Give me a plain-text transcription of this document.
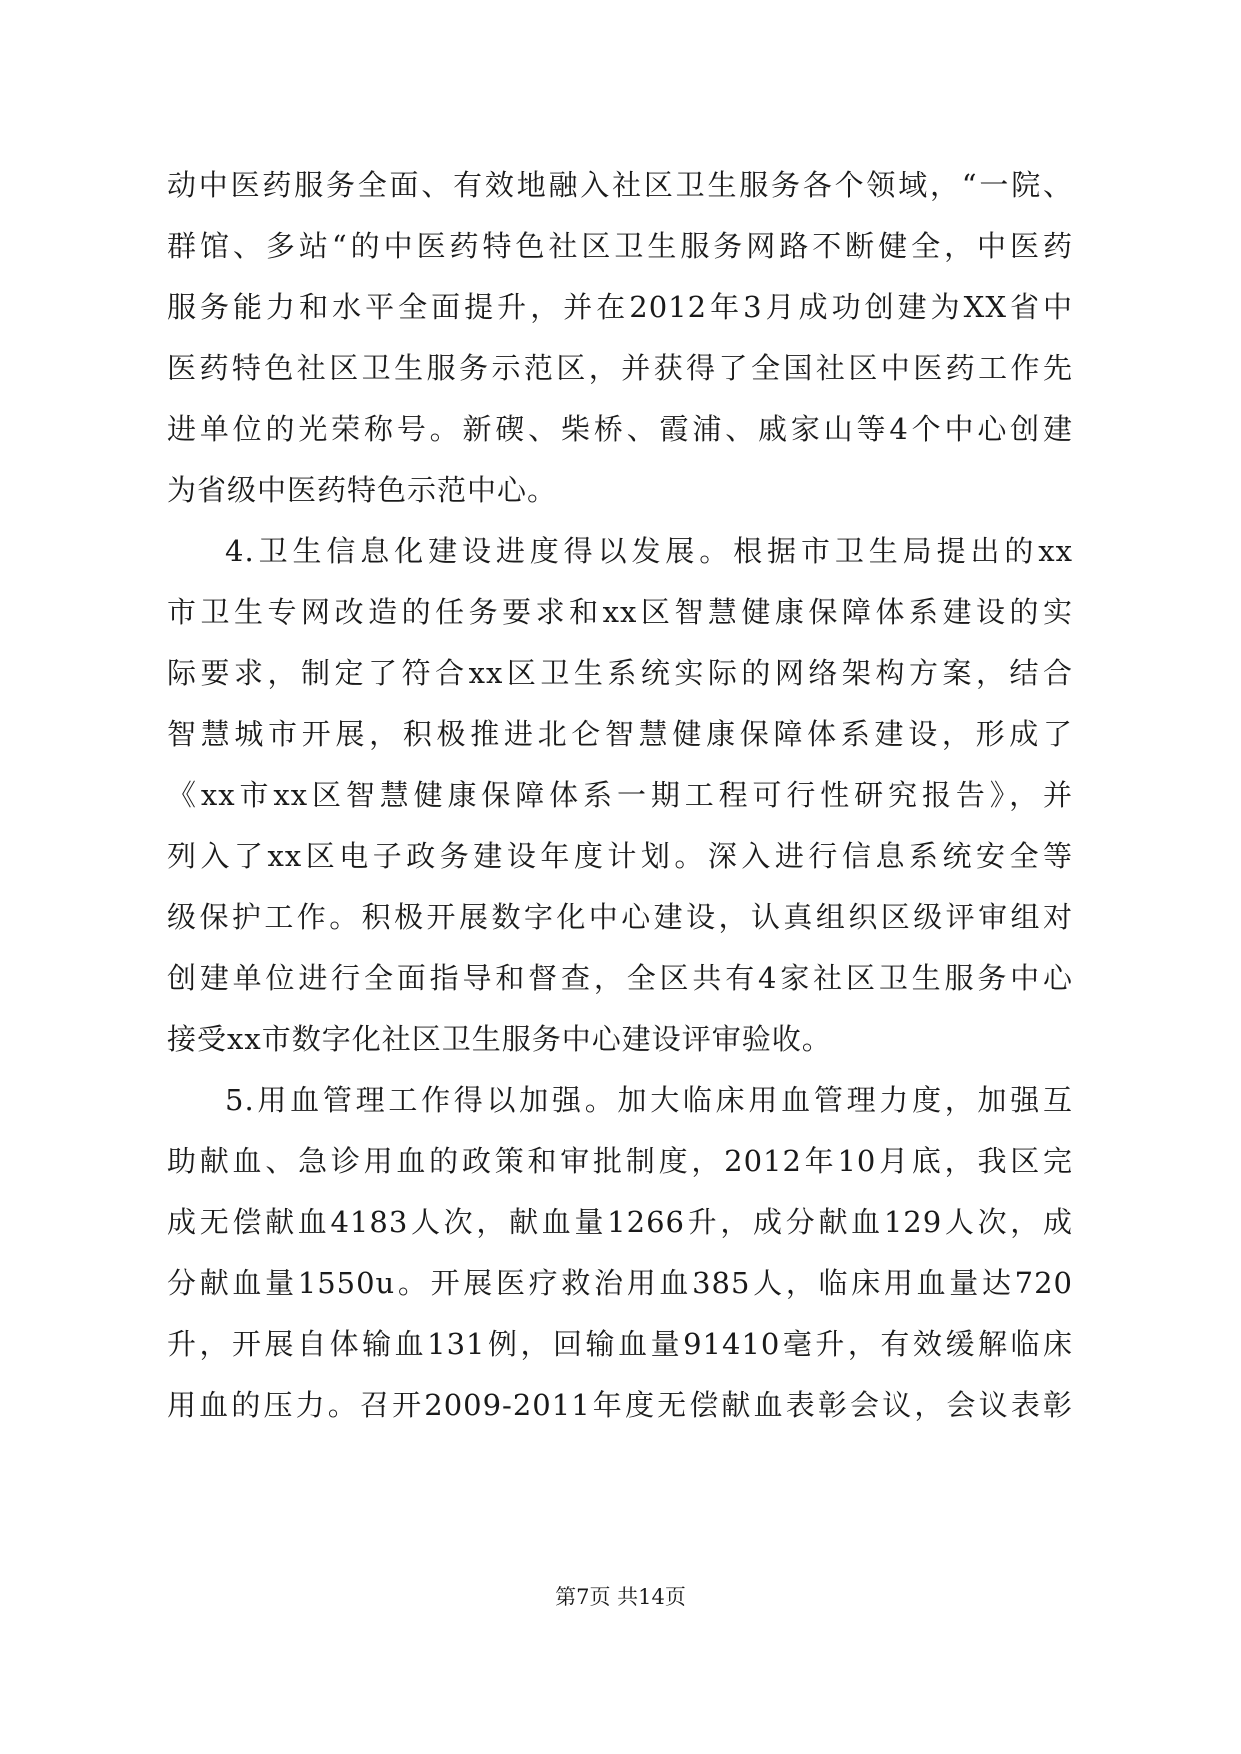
动中医药服务全面、有效地融入社区卫生服务各个领域，“一院、
群馆、多站“的中医药特色社区卫生服务网路不断健全，中医药
服务能力和水平全面提升，并在2012年3月成功创建为XX省中
医药特色社区卫生服务示范区，并获得了全国社区中医药工作先
进单位的光荣称号。新碶、柴桥、霞浦、戚家山等4个中心创建
为省级中医药特色示范中心。
4.卫生信息化建设进度得以发展。根据市卫生局提出的xx
市卫生专网改造的任务要求和xx区智慧健康保障体系建设的实
际要求，制定了符合xx区卫生系统实际的网络架构方案，结合
智慧城市开展，积极推进北仑智慧健康保障体系建设，形成了
《xx市xx区智慧健康保障体系一期工程可行性研究报告》，并
列入了xx区电子政务建设年度计划。深入进行信息系统安全等
级保护工作。积极开展数字化中心建设，认真组织区级评审组对
创建单位进行全面指导和督查，全区共有4家社区卫生服务中心
接受xx市数字化社区卫生服务中心建设评审验收。
5.用血管理工作得以加强。加大临床用血管理力度，加强互
助献血、急诊用血的政策和审批制度，2012年10月底，我区完
成无偿献血4183人次，献血量1266升，成分献血129人次，成
分献血量1550u。开展医疗救治用血385人，临床用血量达720
升，开展自体输血131例，回输血量91410毫升，有效缓解临床
用血的压力。召开2009-2011年度无偿献血表彰会议，会议表彰
第7页 共14页
